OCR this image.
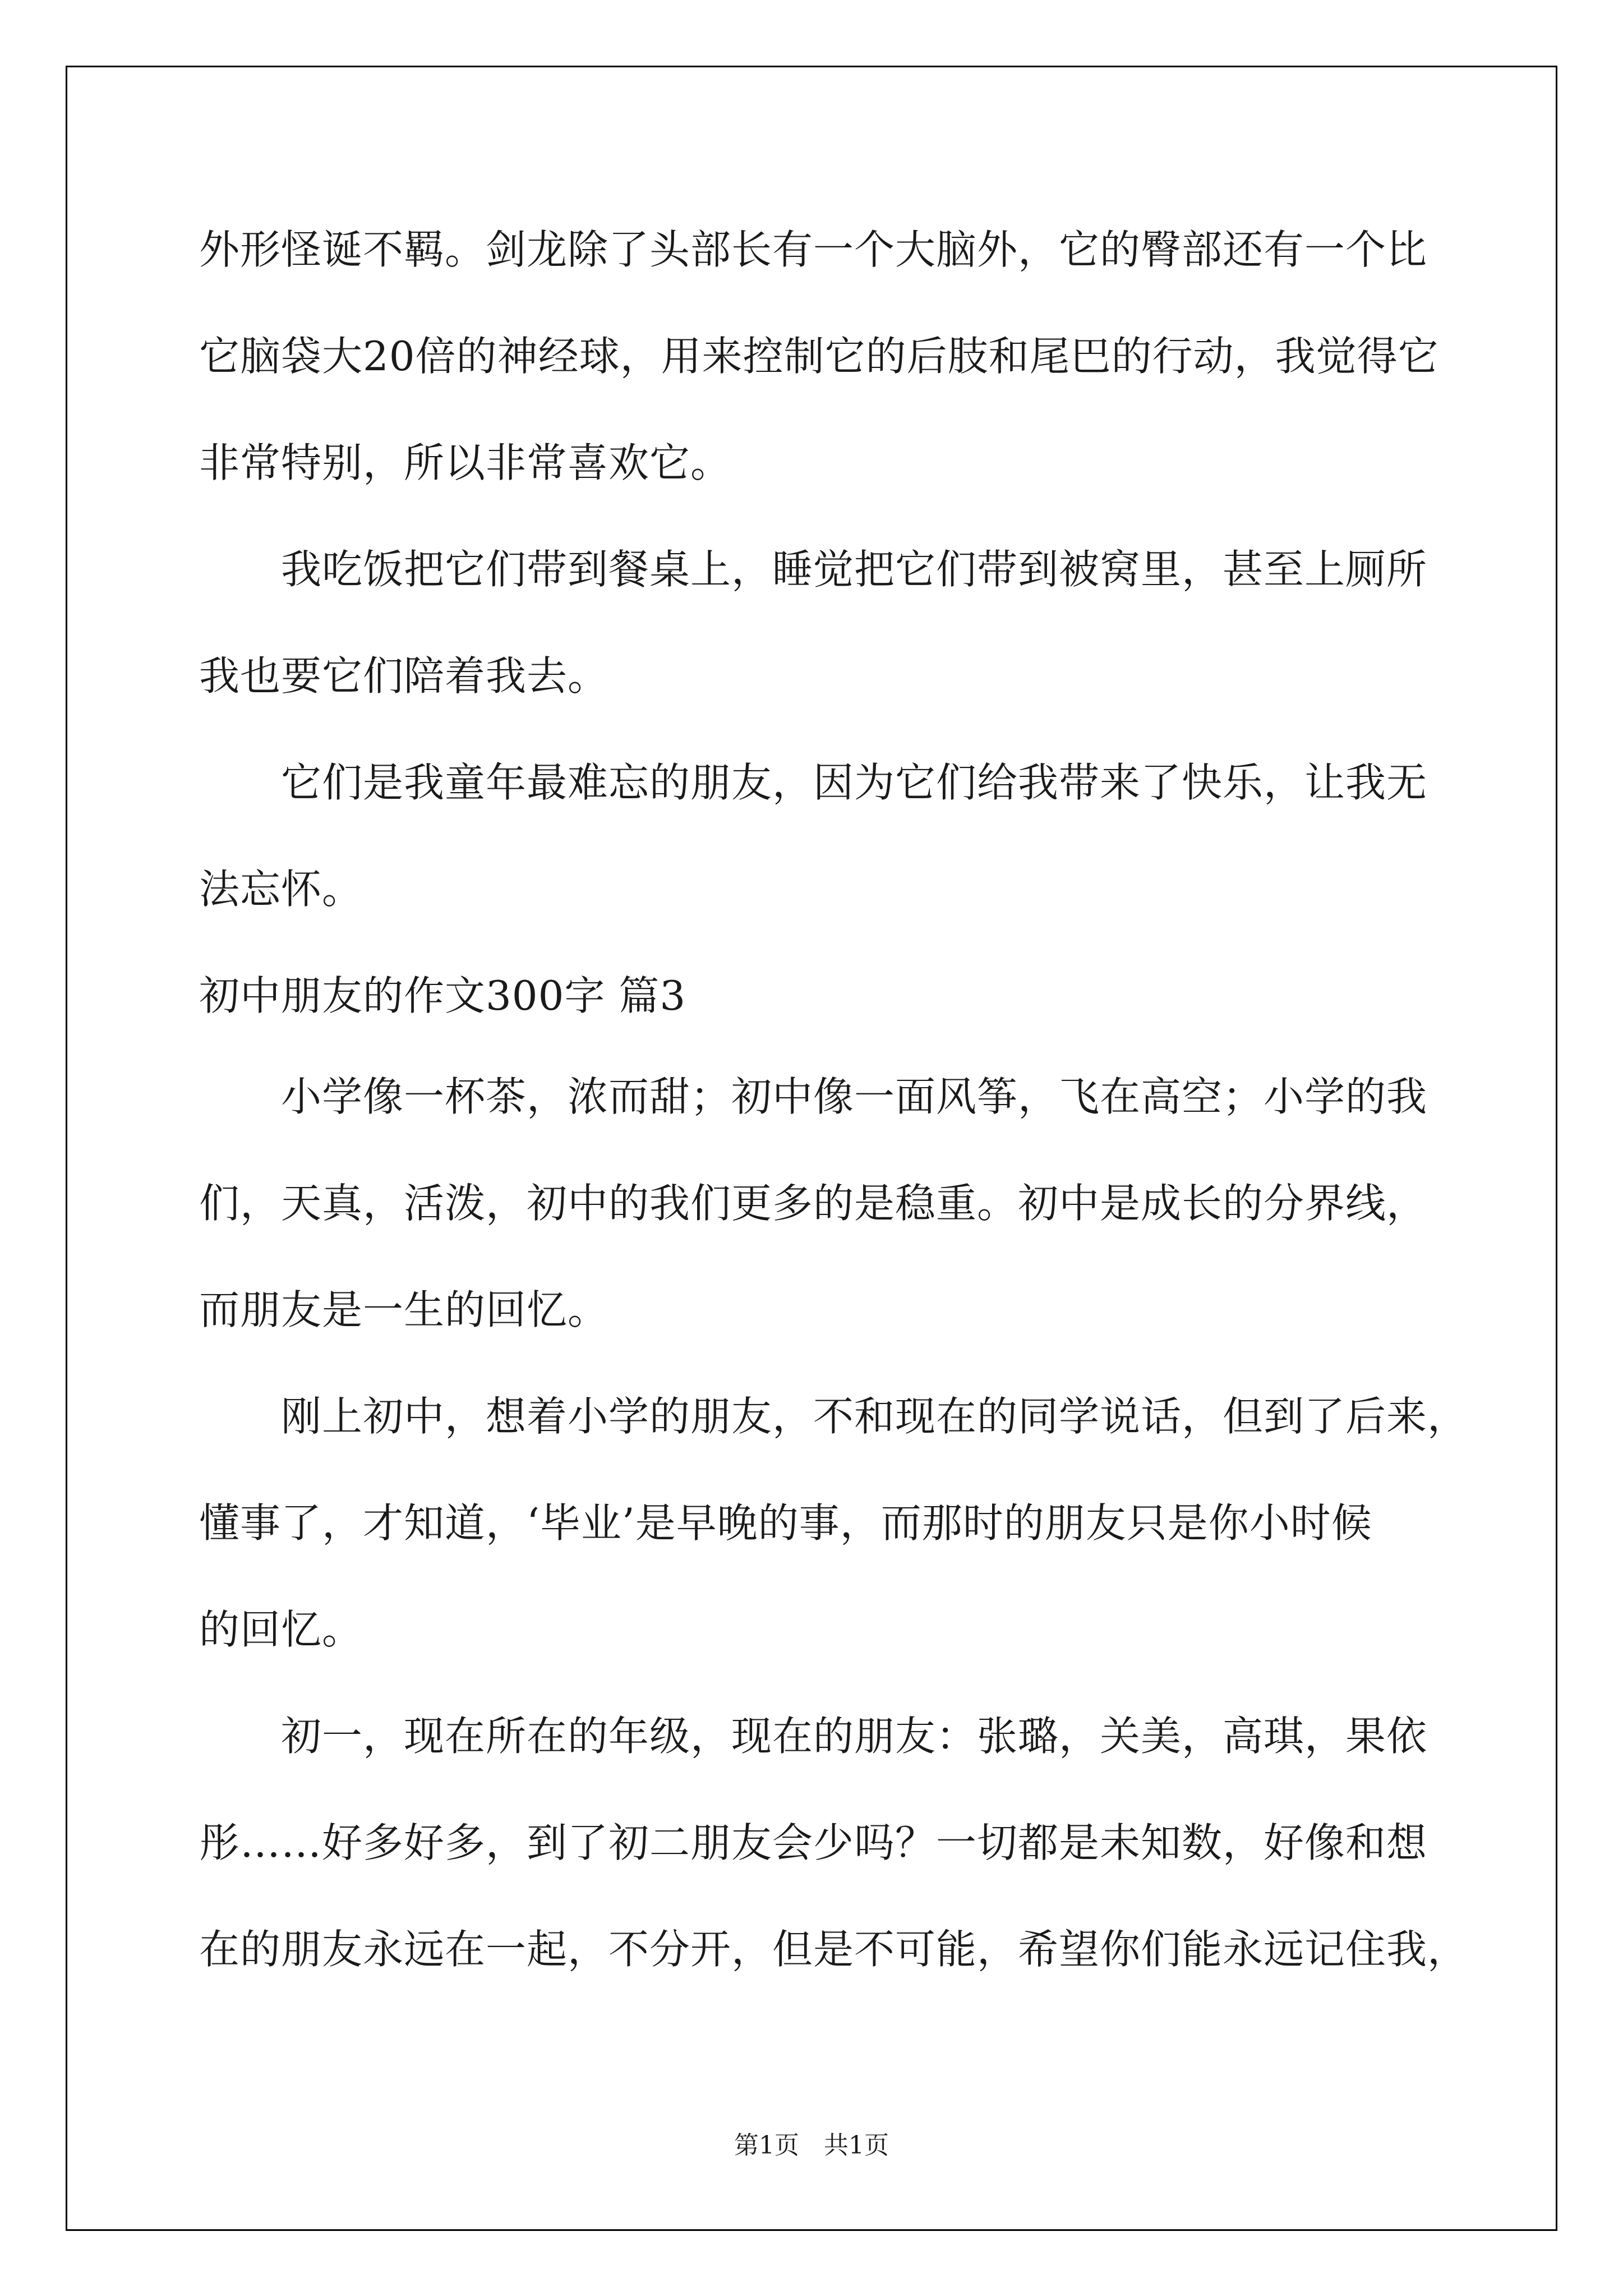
外形怪诞不羁。剑龙除了头部长有一个大脑外，它的臀部还有一个比
它脑袋大20倍的神经球，用来控制它的后肢和尾巴的行动，我觉得它
非常特别，所以非常喜欢它。
　　我吃饭把它们带到餐桌上，睡觉把它们带到被窝里，甚至上厕所
我也要它们陪着我去。
　　它们是我童年最难忘的朋友，因为它们给我带来了快乐，让我无
法忘怀。
初中朋友的作文300字 篇3
　　小学像一杯茶，浓而甜；初中像一面风筝，飞在高空；小学的我
们，天真，活泼，初中的我们更多的是稳重。初中是成长的分界线，
而朋友是一生的回忆。
　　刚上初中，想着小学的朋友，不和现在的同学说话，但到了后来，
懂事了，才知道，‘毕业’是早晚的事，而那时的朋友只是你小时候
的回忆。
　　初一，现在所在的年级，现在的朋友：张璐，关美，高琪，果依
彤……好多好多，到了初二朋友会少吗？一切都是未知数，好像和想
在的朋友永远在一起，不分开，但是不可能，希望你们能永远记住我，
第1页　共1页
